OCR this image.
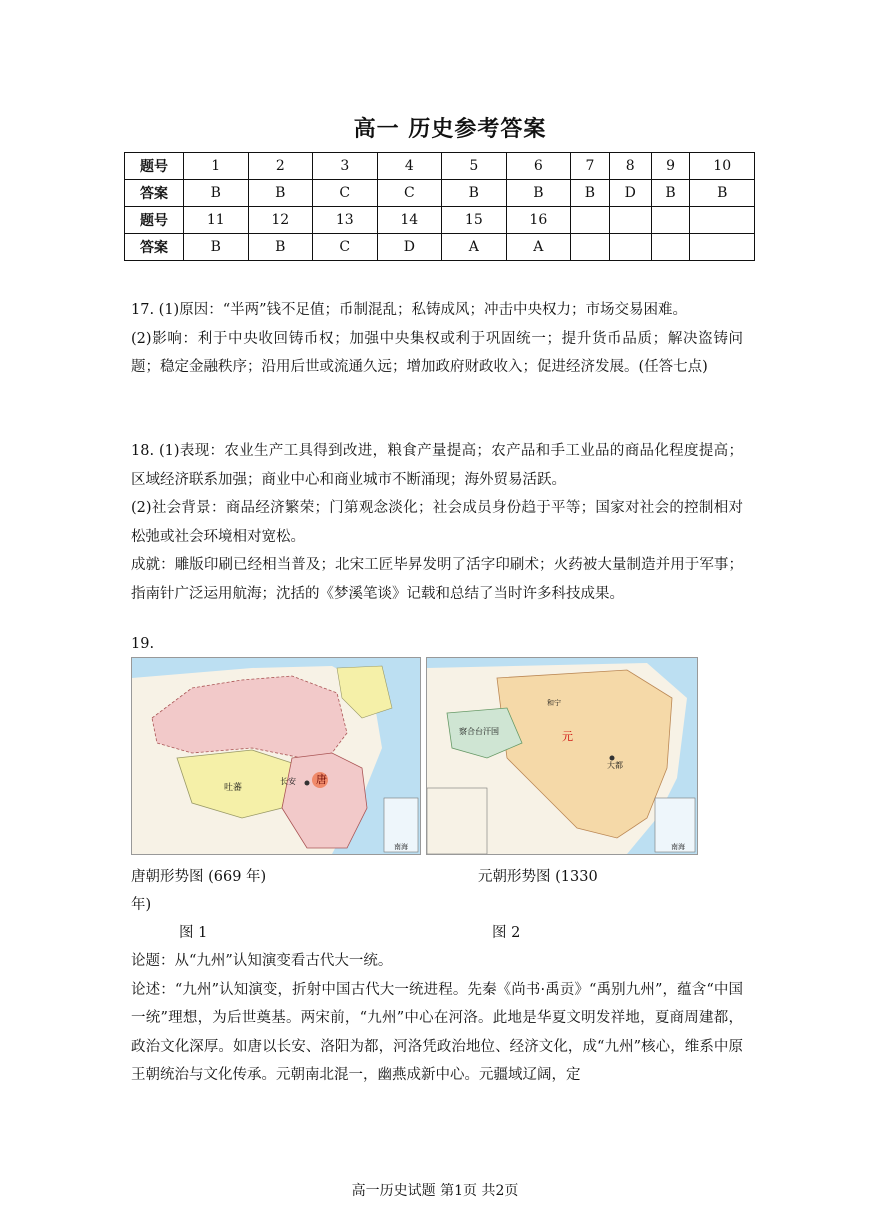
高一 历史参考答案
题号	1	2	3	4	5	6	7	8	9	10
答案	B	B	C	C	B	B	B	D	B	B
题号	11	12	13	14	15	16				
答案	B	B	C	D	A	A				
17. (1)原因：“半两”钱不足值；币制混乱；私铸成风；冲击中央权力；市场交易困难。
(2)影响：利于中央收回铸币权；加强中央集权或利于巩固统一；提升货币品质；解决盗铸问题；稳定金融秩序；沿用后世或流通久远；增加政府财政收入；促进经济发展。(任答七点)
18. (1)表现：农业生产工具得到改进，粮食产量提高；农产品和手工业品的商品化程度提高；区域经济联系加强；商业中心和商业城市不断涌现；海外贸易活跃。
(2)社会背景：商品经济繁荣；门第观念淡化；社会成员身份趋于平等；国家对社会的控制相对松弛或社会环境相对宽松。
成就：雕版印刷已经相当普及；北宋工匠毕昇发明了活字印刷术；火药被大量制造并用于军事；指南针广泛运用航海；沈括的《梦溪笔谈》记载和总结了当时许多科技成果。
19.
唐
长安
吐蕃
南海
元
大都
和宁
察合台汗国
南海
唐朝形势图 (669 年)	元朝形势图 (1330
年)
图 1	图 2
论题：从“九州”认知演变看古代大一统。
论述：“九州”认知演变，折射中国古代大一统进程。先秦《尚书·禹贡》“禹别九州”，蕴含“中国一统”理想，为后世奠基。两宋前，“九州”中心在河洛。此地是华夏文明发祥地，夏商周建都，政治文化深厚。如唐以长安、洛阳为都，河洛凭政治地位、经济文化，成“九州”核心，维系中原王朝统治与文化传承。元朝南北混一，幽燕成新中心。元疆域辽阔，定
高一历史试题 第1页 共2页
